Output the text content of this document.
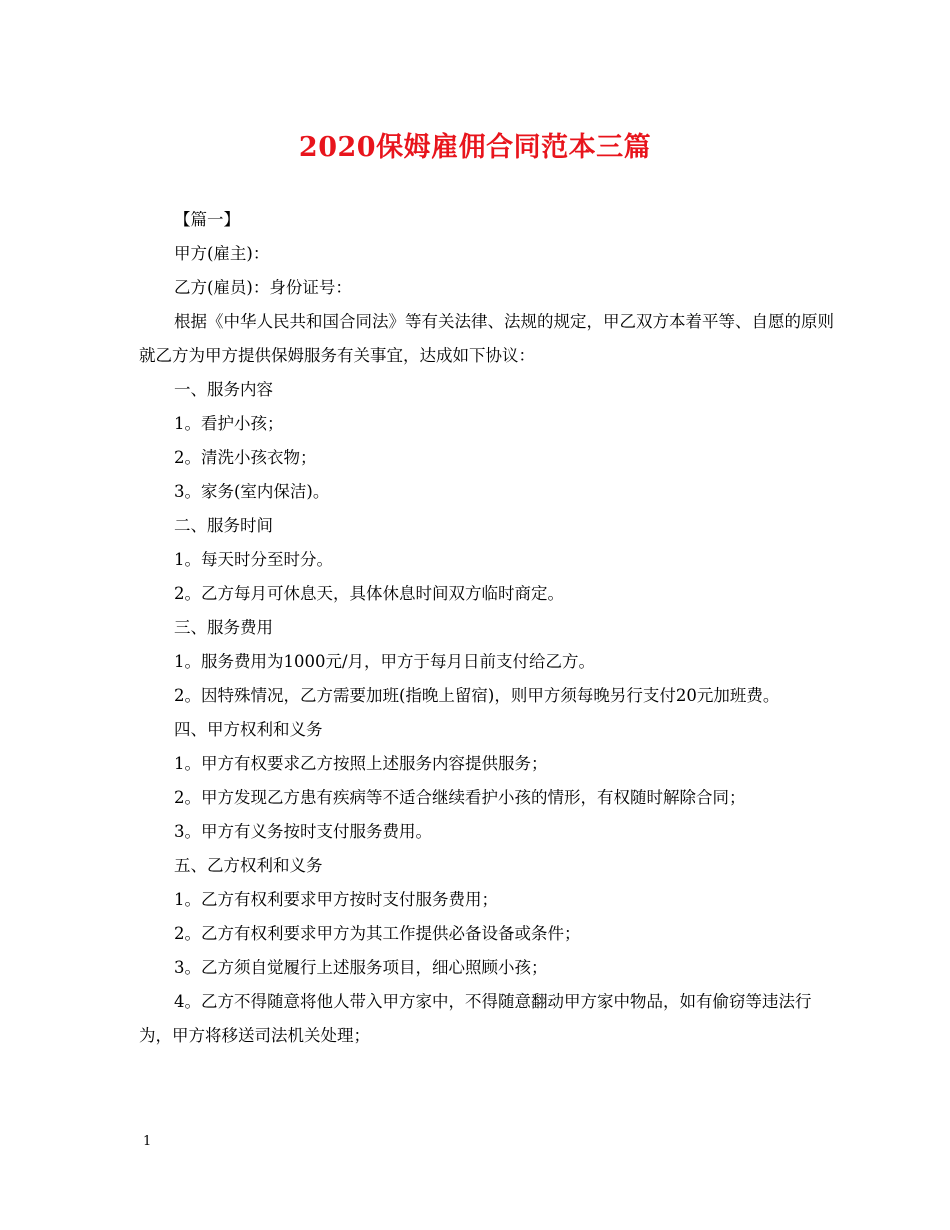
2020保姆雇佣合同范本三篇

【篇一】

甲方(雇主)：

乙方(雇员)：身份证号：

根据《中华人民共和国合同法》等有关法律、法规的规定，甲乙双方本着平等、自愿的原则就乙方为甲方提供保姆服务有关事宜，达成如下协议：

一、服务内容

1。看护小孩；

2。清洗小孩衣物；

3。家务(室内保洁)。

二、服务时间

1。每天时分至时分。

2。乙方每月可休息天，具体休息时间双方临时商定。

三、服务费用

1。服务费用为1000元/月，甲方于每月日前支付给乙方。

2。因特殊情况，乙方需要加班(指晚上留宿)，则甲方须每晚另行支付20元加班费。

四、甲方权利和义务

1。甲方有权要求乙方按照上述服务内容提供服务；

2。甲方发现乙方患有疾病等不适合继续看护小孩的情形，有权随时解除合同；

3。甲方有义务按时支付服务费用。

五、乙方权利和义务

1。乙方有权利要求甲方按时支付服务费用；

2。乙方有权利要求甲方为其工作提供必备设备或条件；

3。乙方须自觉履行上述服务项目，细心照顾小孩；

4。乙方不得随意将他人带入甲方家中，不得随意翻动甲方家中物品，如有偷窃等违法行为，甲方将移送司法机关处理；

1
